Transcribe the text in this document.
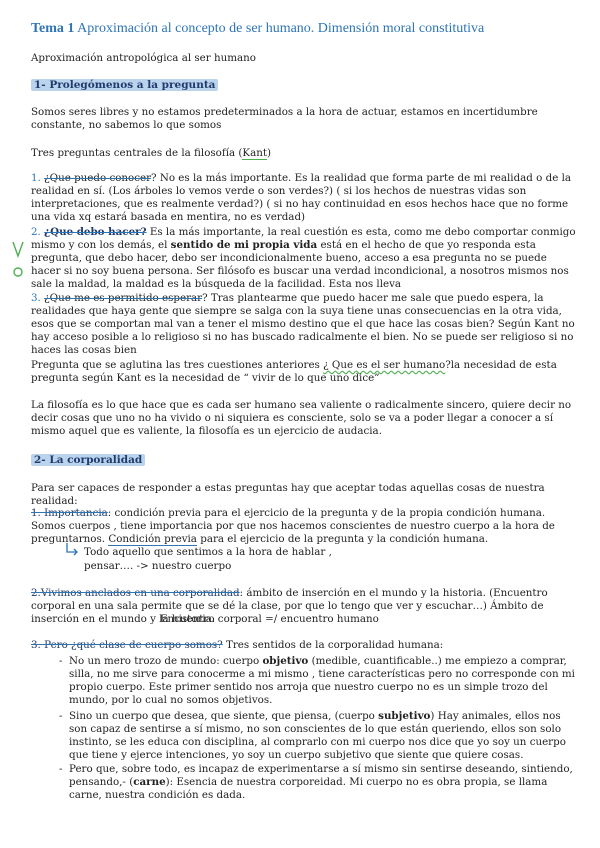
Tema 1 Aproximación al concepto de ser humano. Dimensión moral constitutiva

Aproximación antropológica al ser humano

1- Prolegómenos a la pregunta

Somos seres libres y no estamos predeterminados a la hora de actuar, estamos en incertidumbre constante, no sabemos lo que somos

Tres preguntas centrales de la filosofía (Kant)

1. ¿Que puedo conocer? No es la más importante. Es la realidad que forma parte de mi realidad o de la realidad en sí. (Los árboles lo vemos verde o son verdes?) ( si los hechos de nuestras vidas son interpretaciones, que es realmente verdad?) ( si no hay continuidad en esos hechos hace que no forme una vida xq estará basada en mentira, no es verdad)

2. ¿Que debo hacer? Es la más importante, la real cuestión es esta, como me debo comportar conmigo mismo y con los demás, el sentido de mi propia vida está en el hecho de que yo responda esta pregunta, que debo hacer, debo ser incondicionalmente bueno, acceso a esa pregunta no se puede hacer si no soy buena persona. Ser filósofo es buscar una verdad incondicional, a nosotros mismos nos sale la maldad, la maldad es la búsqueda de la facilidad. Esta nos lleva

3. ¿Que me es permitido esperar? Tras plantearme que puedo hacer me sale que puedo espera, la realidades que haya gente que siempre se salga con la suya tiene unas consecuencias en la otra vida, esos que se comportan mal van a tener el mismo destino que el que hace las cosas bien? Según Kant no hay acceso posible a lo religioso si no has buscado radicalmente el bien. No se puede ser religioso si no haces las cosas bien

Pregunta que se aglutina las tres cuestiones anteriores ¿ Que es el ser humano?la necesidad de esta pregunta según Kant es la necesidad de “ vivir de lo que uno dice”

La filosofía es lo que hace que es cada ser humano sea valiente o radicalmente sincero, quiere decir no decir cosas que uno no ha vivido o ni siquiera es consciente, solo se va a poder llegar a conocer a sí mismo aquel que es valiente, la filosofía es un ejercicio de audacia.

2- La corporalidad

Para ser capaces de responder a estas preguntas hay que aceptar todas aquellas cosas de nuestra realidad:

1. Importancia: condición previa para el ejercicio de la pregunta y de la propia condición humana. Somos cuerpos , tiene importancia por que nos hacemos conscientes de nuestro cuerpo a la hora de preguntarnos. Condición previa para el ejercicio de la pregunta y la condición humana.

Todo aquello que sentimos a la hora de hablar ,
pensar…. -> nuestro cuerpo

2.Vivimos anclados en una corporalidad: ámbito de inserción en el mundo y la historia. (Encuentro corporal en una sala permite que se dé la clase, por que lo tengo que ver y escuchar…) Ámbito de inserción en el mundo y la historia.

Encuentro corporal =/ encuentro humano

3. Pero ¿qué clase de cuerpo somos? Tres sentidos de la corporalidad humana:

- No un mero trozo de mundo: cuerpo objetivo (medible, cuantificable..) me empiezo a comprar, silla, no me sirve para conocerme a mi mismo , tiene características pero no corresponde con mi propio cuerpo. Este primer sentido nos arroja que nuestro cuerpo no es un simple trozo del mundo, por lo cual no somos objetivos.
- Sino un cuerpo que desea, que siente, que piensa, (cuerpo subjetivo) Hay animales, ellos nos son capaz de sentirse a sí mismo, no son conscientes de lo que están queriendo, ellos son solo instinto, se les educa con disciplina, al comprarlo con mi cuerpo nos dice que yo soy un cuerpo que tiene y ejerce intenciones, yo soy un cuerpo subjetivo que siente que quiere cosas.
- Pero que, sobre todo, es incapaz de experimentarse a sí mismo sin sentirse deseando, sintiendo, pensando,- (carne): Esencia de nuestra corporeidad. Mi cuerpo no es obra propia, se llama carne, nuestra condición es dada.
